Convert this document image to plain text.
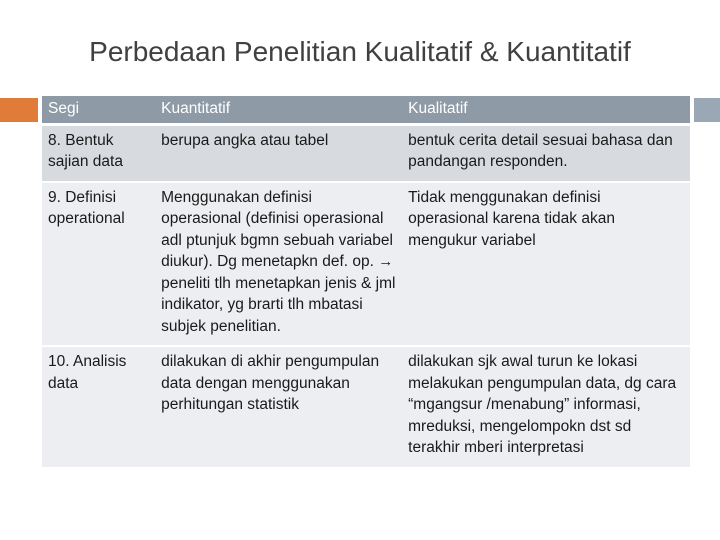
Perbedaan Penelitian Kualitatif & Kuantitatif
Segi	Kuantitatif	Kualitatif
8. Bentuk sajian data	berupa angka atau tabel	bentuk cerita detail sesuai bahasa dan pandangan responden.
9. Definisi operational	Menggunakan definisi operasional (definisi operasional adl ptunjuk bgmn sebuah variabel diukur). Dg menetapkn def. op. → peneliti tlh menetapkan jenis & jml indikator, yg brarti tlh mbatasi subjek penelitian.	Tidak menggunakan definisi operasional karena tidak akan mengukur variabel
10. Analisis data	dilakukan di akhir pengumpulan data dengan menggunakan perhitungan statistik	dilakukan sjk awal turun ke lokasi melakukan pengumpulan data, dg cara “mgangsur /menabung” informasi, mreduksi, mengelompokn dst sd terakhir mberi interpretasi
